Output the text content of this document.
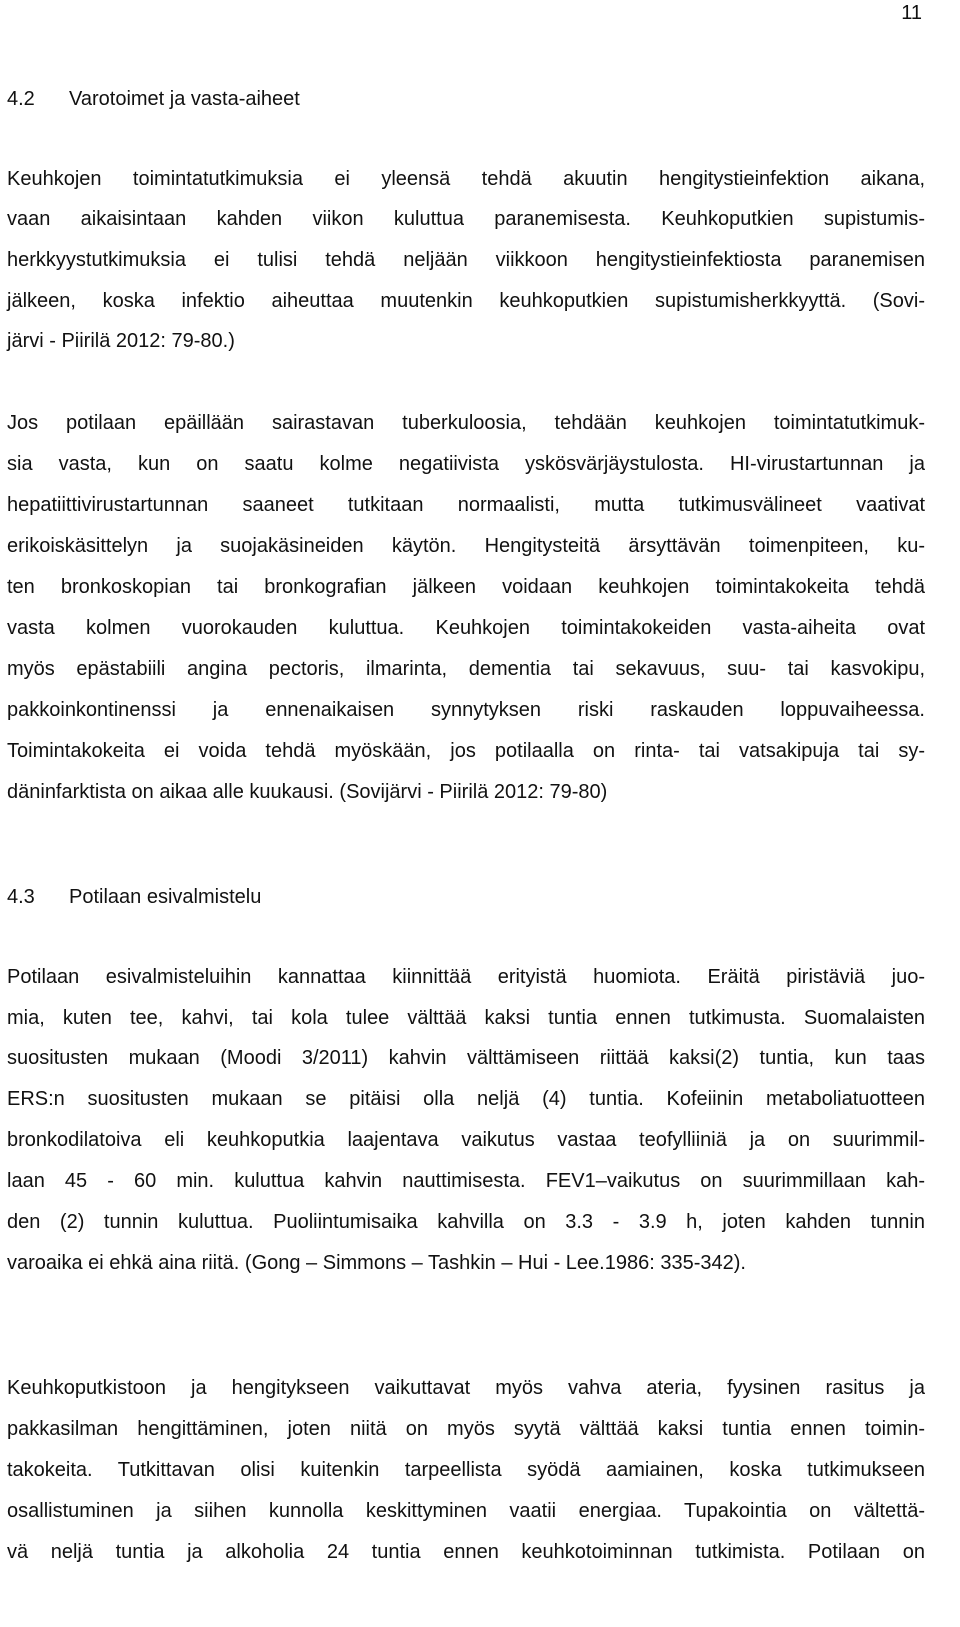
11
4.2 Varotoimet ja vasta-aiheet
Keuhkojen toimintatutkimuksia ei yleensä tehdä akuutin hengitystieinfektion aikana,
vaan aikaisintaan kahden viikon kuluttua paranemisesta. Keuhkoputkien supistumis-
herkkyystutkimuksia ei tulisi tehdä neljään viikkoon hengitystieinfektiosta paranemisen
jälkeen, koska infektio aiheuttaa muutenkin keuhkoputkien supistumisherkkyyttä. (Sovi-
järvi - Piirilä 2012: 79-80.)
Jos potilaan epäillään sairastavan tuberkuloosia, tehdään keuhkojen toimintatutkimuk-
sia vasta, kun on saatu kolme negatiivista yskösvärjäystulosta. HI-virustartunnan ja
hepatiittivirustartunnan saaneet tutkitaan normaalisti, mutta tutkimusvälineet vaativat
erikoiskäsittelyn ja suojakäsineiden käytön. Hengitysteitä ärsyttävän toimenpiteen, ku-
ten bronkoskopian tai bronkografian jälkeen voidaan keuhkojen toimintakokeita tehdä
vasta kolmen vuorokauden kuluttua. Keuhkojen toimintakokeiden vasta-aiheita ovat
myös epästabiili angina pectoris, ilmarinta, dementia tai sekavuus, suu- tai kasvokipu,
pakkoinkontinenssi ja ennenaikaisen synnytyksen riski raskauden loppuvaiheessa.
Toimintakokeita ei voida tehdä myöskään, jos potilaalla on rinta- tai vatsakipuja tai sy-
däninfarktista on aikaa alle kuukausi. (Sovijärvi - Piirilä 2012: 79-80)
4.3 Potilaan esivalmistelu
Potilaan esivalmisteluihin kannattaa kiinnittää erityistä huomiota. Eräitä piristäviä juo-
mia, kuten tee, kahvi, tai kola tulee välttää kaksi tuntia ennen tutkimusta. Suomalaisten
suositusten mukaan (Moodi 3/2011) kahvin välttämiseen riittää kaksi(2) tuntia, kun taas
ERS:n suositusten mukaan se pitäisi olla neljä (4) tuntia. Kofeiinin metaboliatuotteen
bronkodilatoiva eli keuhkoputkia laajentava vaikutus vastaa teofylliiniä ja on suurimmil-
laan 45 - 60 min. kuluttua kahvin nauttimisesta. FEV1–vaikutus on suurimmillaan kah-
den (2) tunnin kuluttua. Puoliintumisaika kahvilla on 3.3 - 3.9 h, joten kahden tunnin
varoaika ei ehkä aina riitä. (Gong – Simmons – Tashkin – Hui - Lee.1986: 335-342).
Keuhkoputkistoon ja hengitykseen vaikuttavat myös vahva ateria, fyysinen rasitus ja
pakkasilman hengittäminen, joten niitä on myös syytä välttää kaksi tuntia ennen toimin-
takokeita. Tutkittavan olisi kuitenkin tarpeellista syödä aamiainen, koska tutkimukseen
osallistuminen ja siihen kunnolla keskittyminen vaatii energiaa. Tupakointia on vältettä-
vä neljä tuntia ja alkoholia 24 tuntia ennen keuhkotoiminnan tutkimista. Potilaan on
